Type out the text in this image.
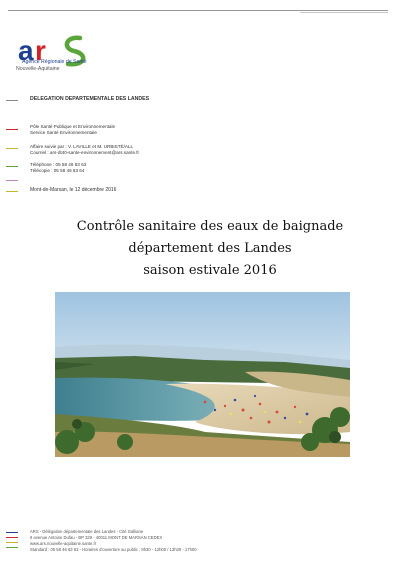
a r
Agence Régionale de Santé
Nouvelle-Aquitaine
DELEGATION DEPARTEMENTALE DES LANDES
Pôle Santé Publique et Environnementale
Service Santé Environnementale
Affaire suivie par : V. LAVILLE et M. URBISTÉ/ALL
Courriel : ars-dt40-sante-environnement@ars.sante.fr
Téléphone : 05 58 46 63 63
Télécopie : 05 58 46 63 64
Mont-de-Marsan, le 12 décembre 2016
Contrôle sanitaire des eaux de baignade
département des Landes
saison estivale 2016
ARS - Délégation départementale des Landes - Cité Galliane
9 avenue Antoine Dufau - BP 329 - 40011 MONT DE MARSAN CEDEX
www.ars.nouvelle-aquitaine.sante.fr
Standard : 05 58 46 63 63 - Horaires d'ouverture au public : 8h30 - 12h00 / 13h30 - 17h00
